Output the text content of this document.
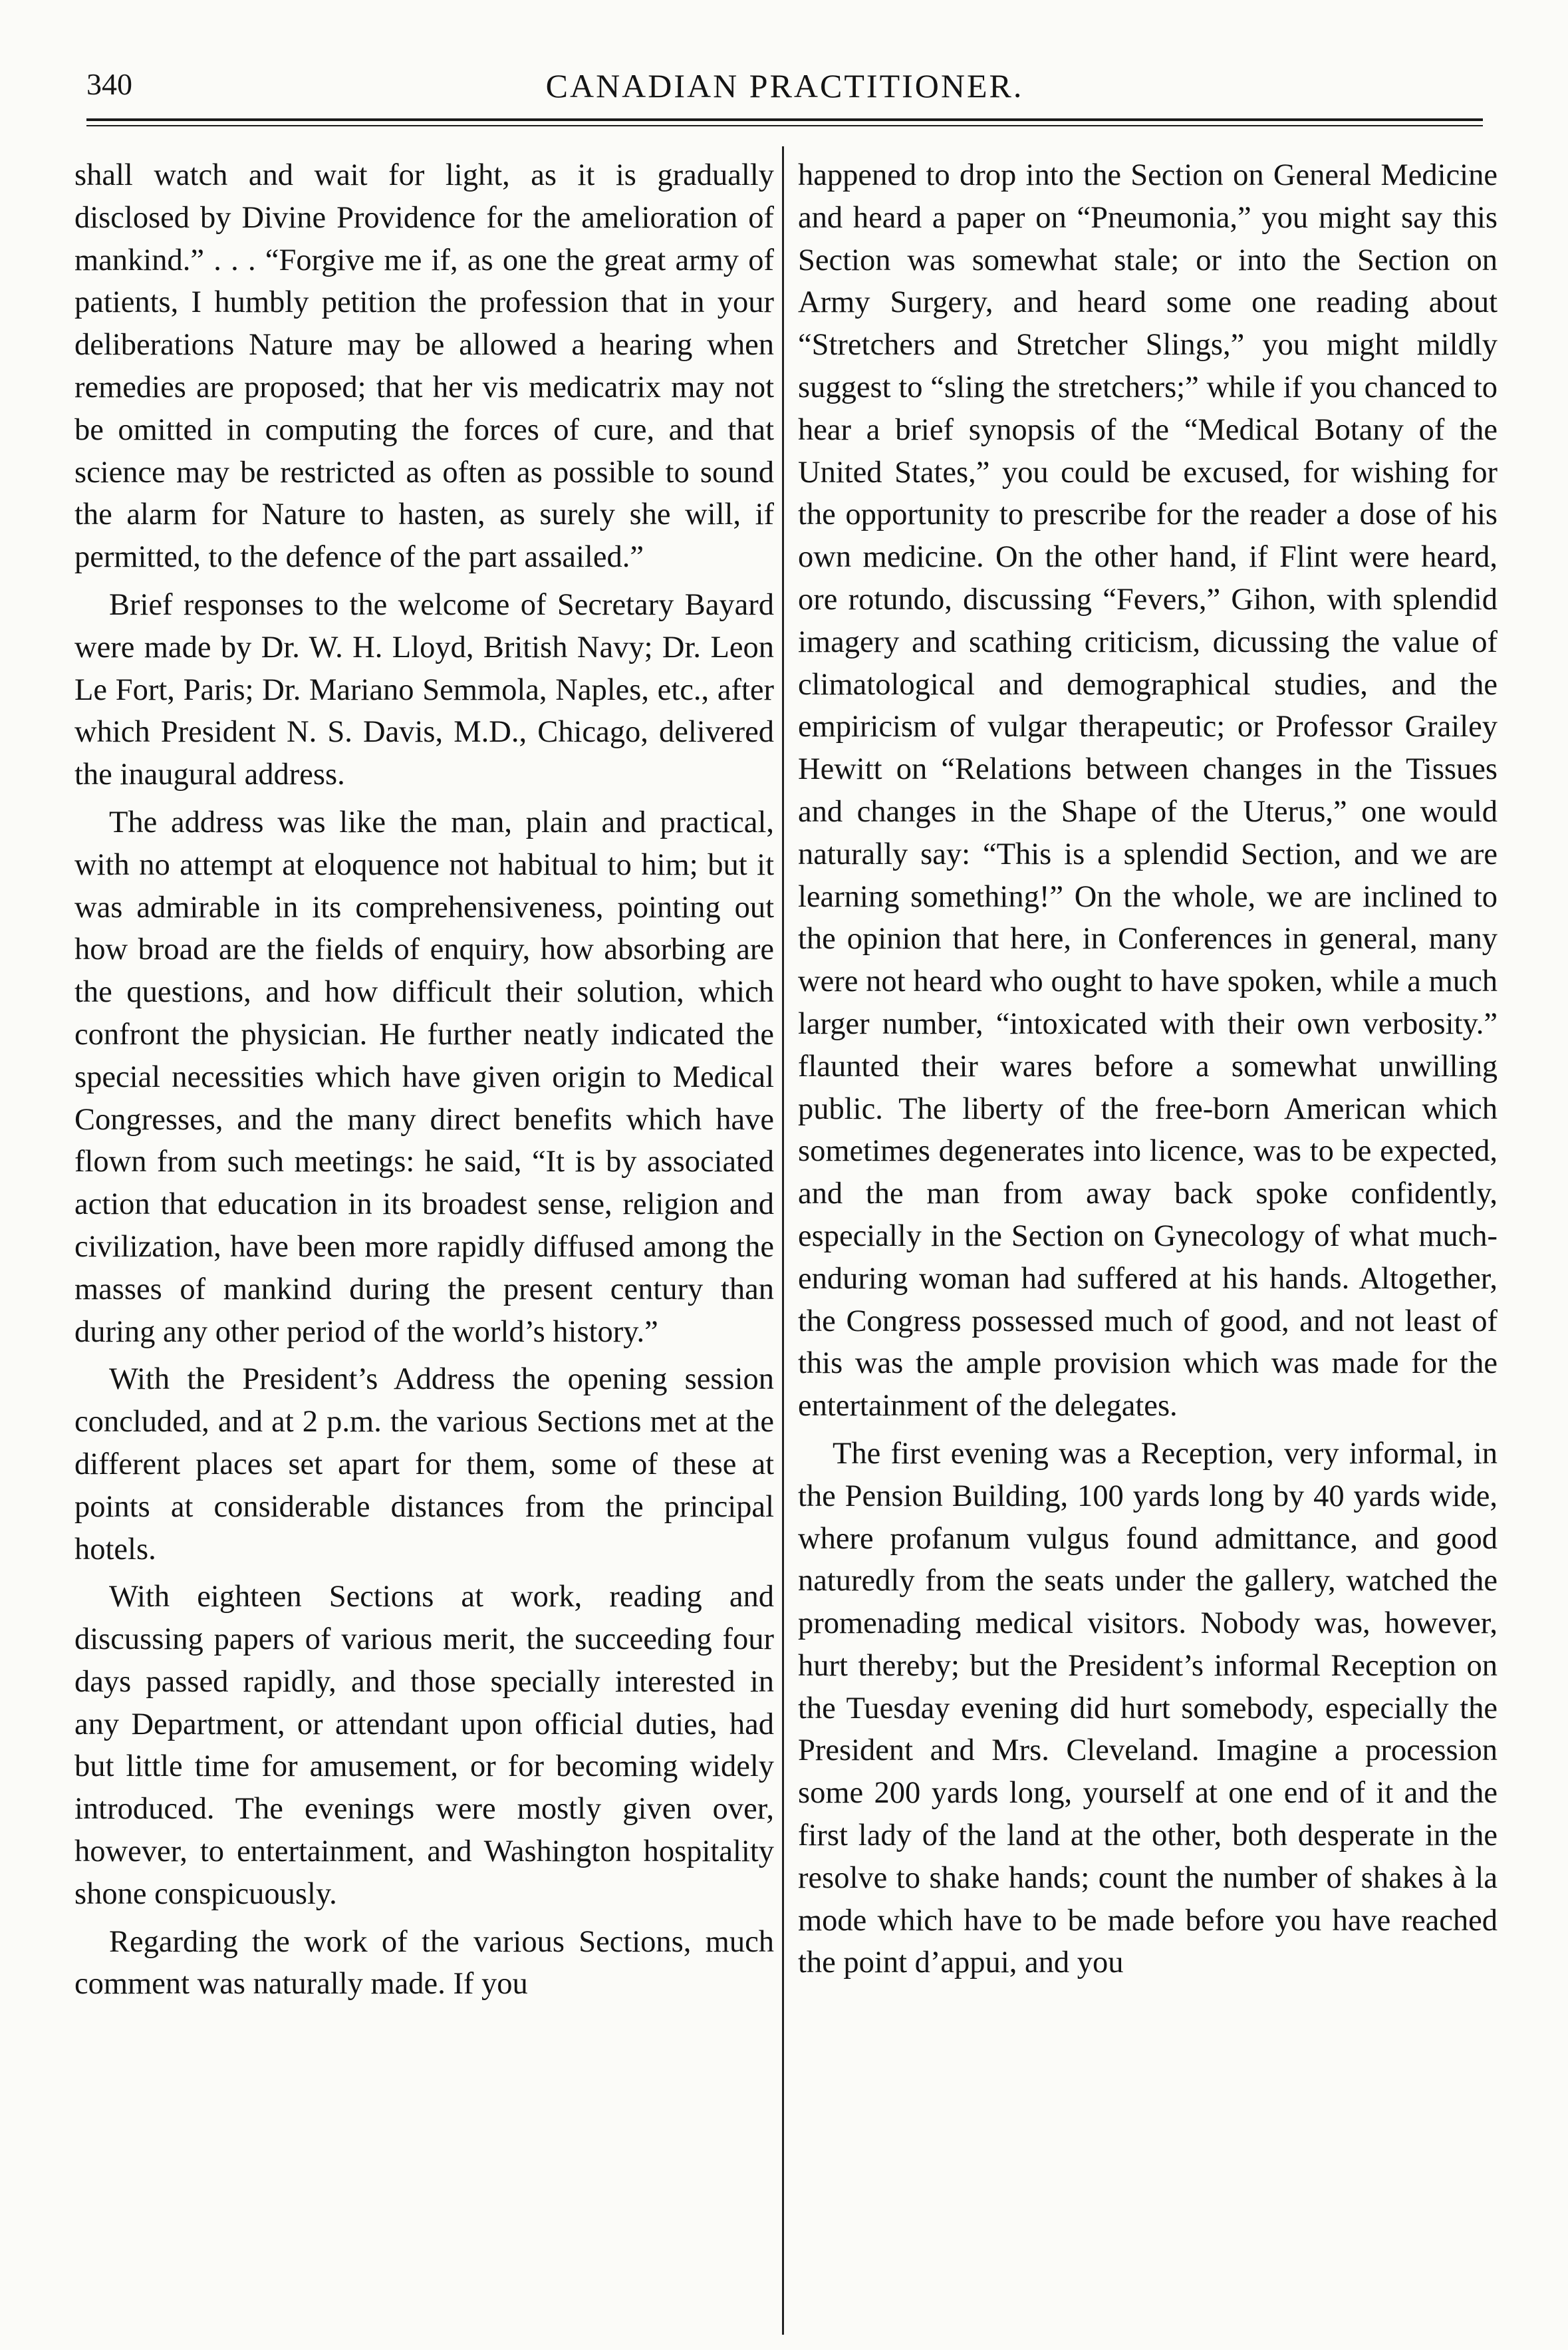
340	CANADIAN PRACTITIONER.

shall watch and wait for light, as it is gradually disclosed by Divine Providence for the amelioration of mankind.” . . . “Forgive me if, as one the great army of patients, I humbly petition the profession that in your deliberations Nature may be allowed a hearing when remedies are proposed; that her vis medicatrix may not be omitted in computing the forces of cure, and that science may be restricted as often as possible to sound the alarm for Nature to hasten, as surely she will, if permitted, to the defence of the part assailed.”

Brief responses to the welcome of Secretary Bayard were made by Dr. W. H. Lloyd, British Navy; Dr. Leon Le Fort, Paris; Dr. Mariano Semmola, Naples, etc., after which President N. S. Davis, M.D., Chicago, delivered the inaugural address.

The address was like the man, plain and practical, with no attempt at eloquence not habitual to him; but it was admirable in its comprehensiveness, pointing out how broad are the fields of enquiry, how absorbing are the questions, and how difficult their solution, which confront the physician. He further neatly indicated the special necessities which have given origin to Medical Congresses, and the many direct benefits which have flown from such meetings: he said, “It is by associated action that education in its broadest sense, religion and civilization, have been more rapidly diffused among the masses of mankind during the present century than during any other period of the world’s history.”

With the President’s Address the opening session concluded, and at 2 p.m. the various Sections met at the different places set apart for them, some of these at points at considerable distances from the principal hotels.

With eighteen Sections at work, reading and discussing papers of various merit, the succeeding four days passed rapidly, and those specially interested in any Department, or attendant upon official duties, had but little time for amusement, or for becoming widely introduced. The evenings were mostly given over, however, to entertainment, and Washington hospitality shone conspicuously.

Regarding the work of the various Sections, much comment was naturally made. If you

happened to drop into the Section on General Medicine and heard a paper on “Pneumonia,” you might say this Section was somewhat stale; or into the Section on Army Surgery, and heard some one reading about “Stretchers and Stretcher Slings,” you might mildly suggest to “sling the stretchers;” while if you chanced to hear a brief synopsis of the “Medical Botany of the United States,” you could be excused, for wishing for the opportunity to prescribe for the reader a dose of his own medicine. On the other hand, if Flint were heard, ore rotundo, discussing “Fevers,” Gihon, with splendid imagery and scathing criticism, dicussing the value of climatological and demographical studies, and the empiricism of vulgar therapeutic; or Professor Grailey Hewitt on “Relations between changes in the Tissues and changes in the Shape of the Uterus,” one would naturally say: “This is a splendid Section, and we are learning something!” On the whole, we are inclined to the opinion that here, in Conferences in general, many were not heard who ought to have spoken, while a much larger number, “intoxicated with their own verbosity.” flaunted their wares before a somewhat unwilling public. The liberty of the free-born American which sometimes degenerates into licence, was to be expected, and the man from away back spoke confidently, especially in the Section on Gynecology of what much-enduring woman had suffered at his hands. Altogether, the Congress possessed much of good, and not least of this was the ample provision which was made for the entertainment of the delegates.

The first evening was a Reception, very informal, in the Pension Building, 100 yards long by 40 yards wide, where profanum vulgus found admittance, and good naturedly from the seats under the gallery, watched the promenading medical visitors. Nobody was, however, hurt thereby; but the President’s informal Reception on the Tuesday evening did hurt somebody, especially the President and Mrs. Cleveland. Imagine a procession some 200 yards long, yourself at one end of it and the first lady of the land at the other, both desperate in the resolve to shake hands; count the number of shakes à la mode which have to be made before you have reached the point d’appui, and you
